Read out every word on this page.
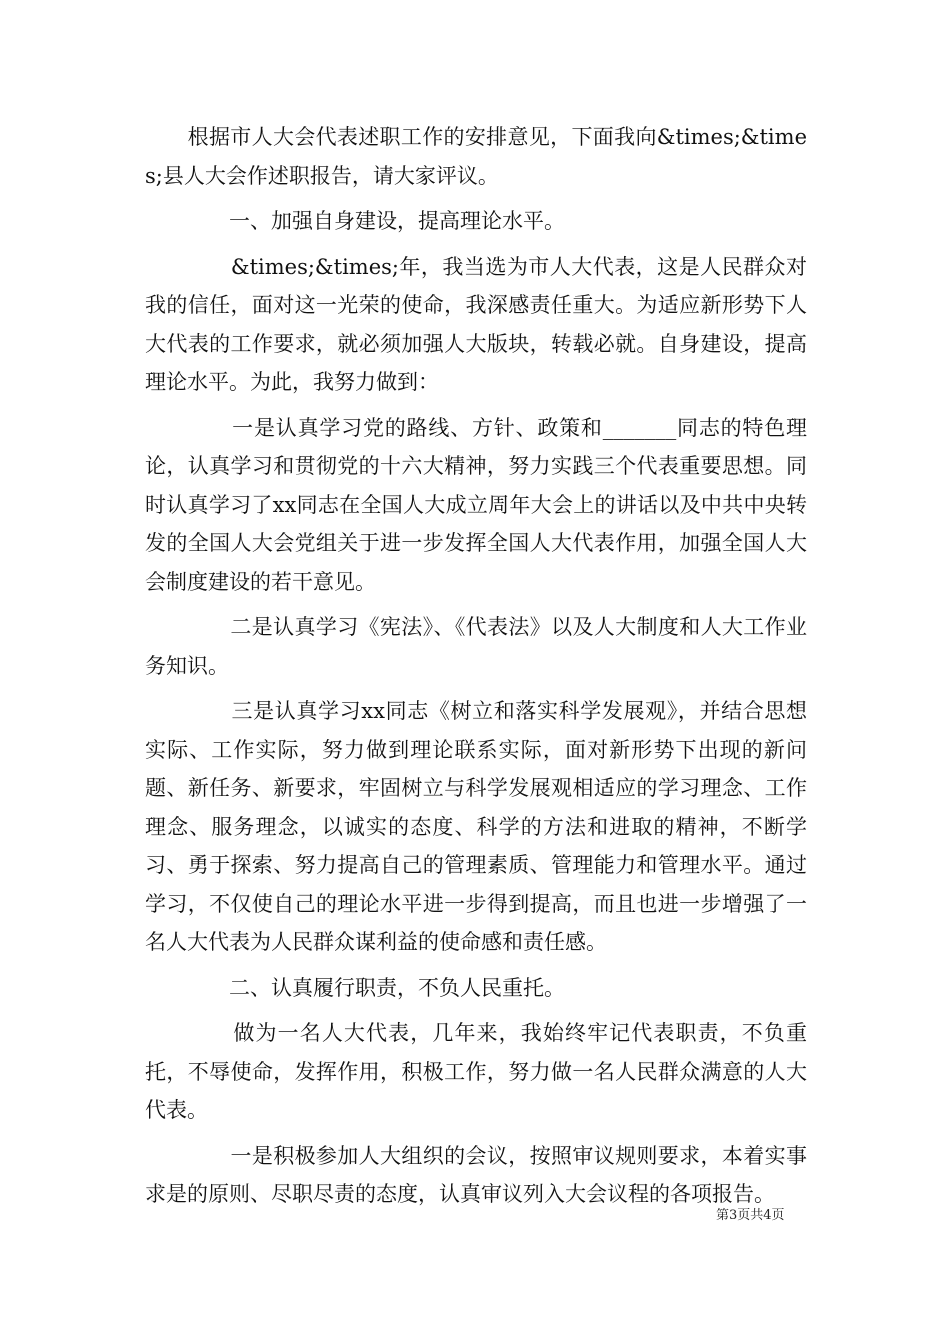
　　根据市人大会代表述职工作的安排意见，下面我向&times;&times;县人大会作述职报告，请大家评议。

　　　　一、加强自身建设，提高理论水平。

　　　　&times;&times;年，我当选为市人大代表，这是人民群众对我的信任，面对这一光荣的使命，我深感责任重大。为适应新形势下人大代表的工作要求，就必须加强人大版块，转载必就。自身建设，提高理论水平。为此，我努力做到：

　　　　一是认真学习党的路线、方针、政策和_______同志的特色理论，认真学习和贯彻党的十六大精神，努力实践三个代表重要思想。同时认真学习了xx同志在全国人大成立周年大会上的讲话以及中共中央转发的全国人大会党组关于进一步发挥全国人大代表作用，加强全国人大会制度建设的若干意见。

　　　　二是认真学习《宪法》、《代表法》以及人大制度和人大工作业务知识。

　　　　三是认真学习xx同志《树立和落实科学发展观》，并结合思想实际、工作实际，努力做到理论联系实际，面对新形势下出现的新问题、新任务、新要求，牢固树立与科学发展观相适应的学习理念、工作理念、服务理念，以诚实的态度、科学的方法和进取的精神，不断学习、勇于探索、努力提高自己的管理素质、管理能力和管理水平。通过学习，不仅使自己的理论水平进一步得到提高，而且也进一步增强了一名人大代表为人民群众谋利益的使命感和责任感。

　　　　二、认真履行职责，不负人民重托。

　　　　做为一名人大代表，几年来，我始终牢记代表职责，不负重托，不辱使命，发挥作用，积极工作，努力做一名人民群众满意的人大代表。

　　　　一是积极参加人大组织的会议，按照审议规则要求，本着实事求是的原则、尽职尽责的态度，认真审议列入大会议程的各项报告。

第3页共4页
